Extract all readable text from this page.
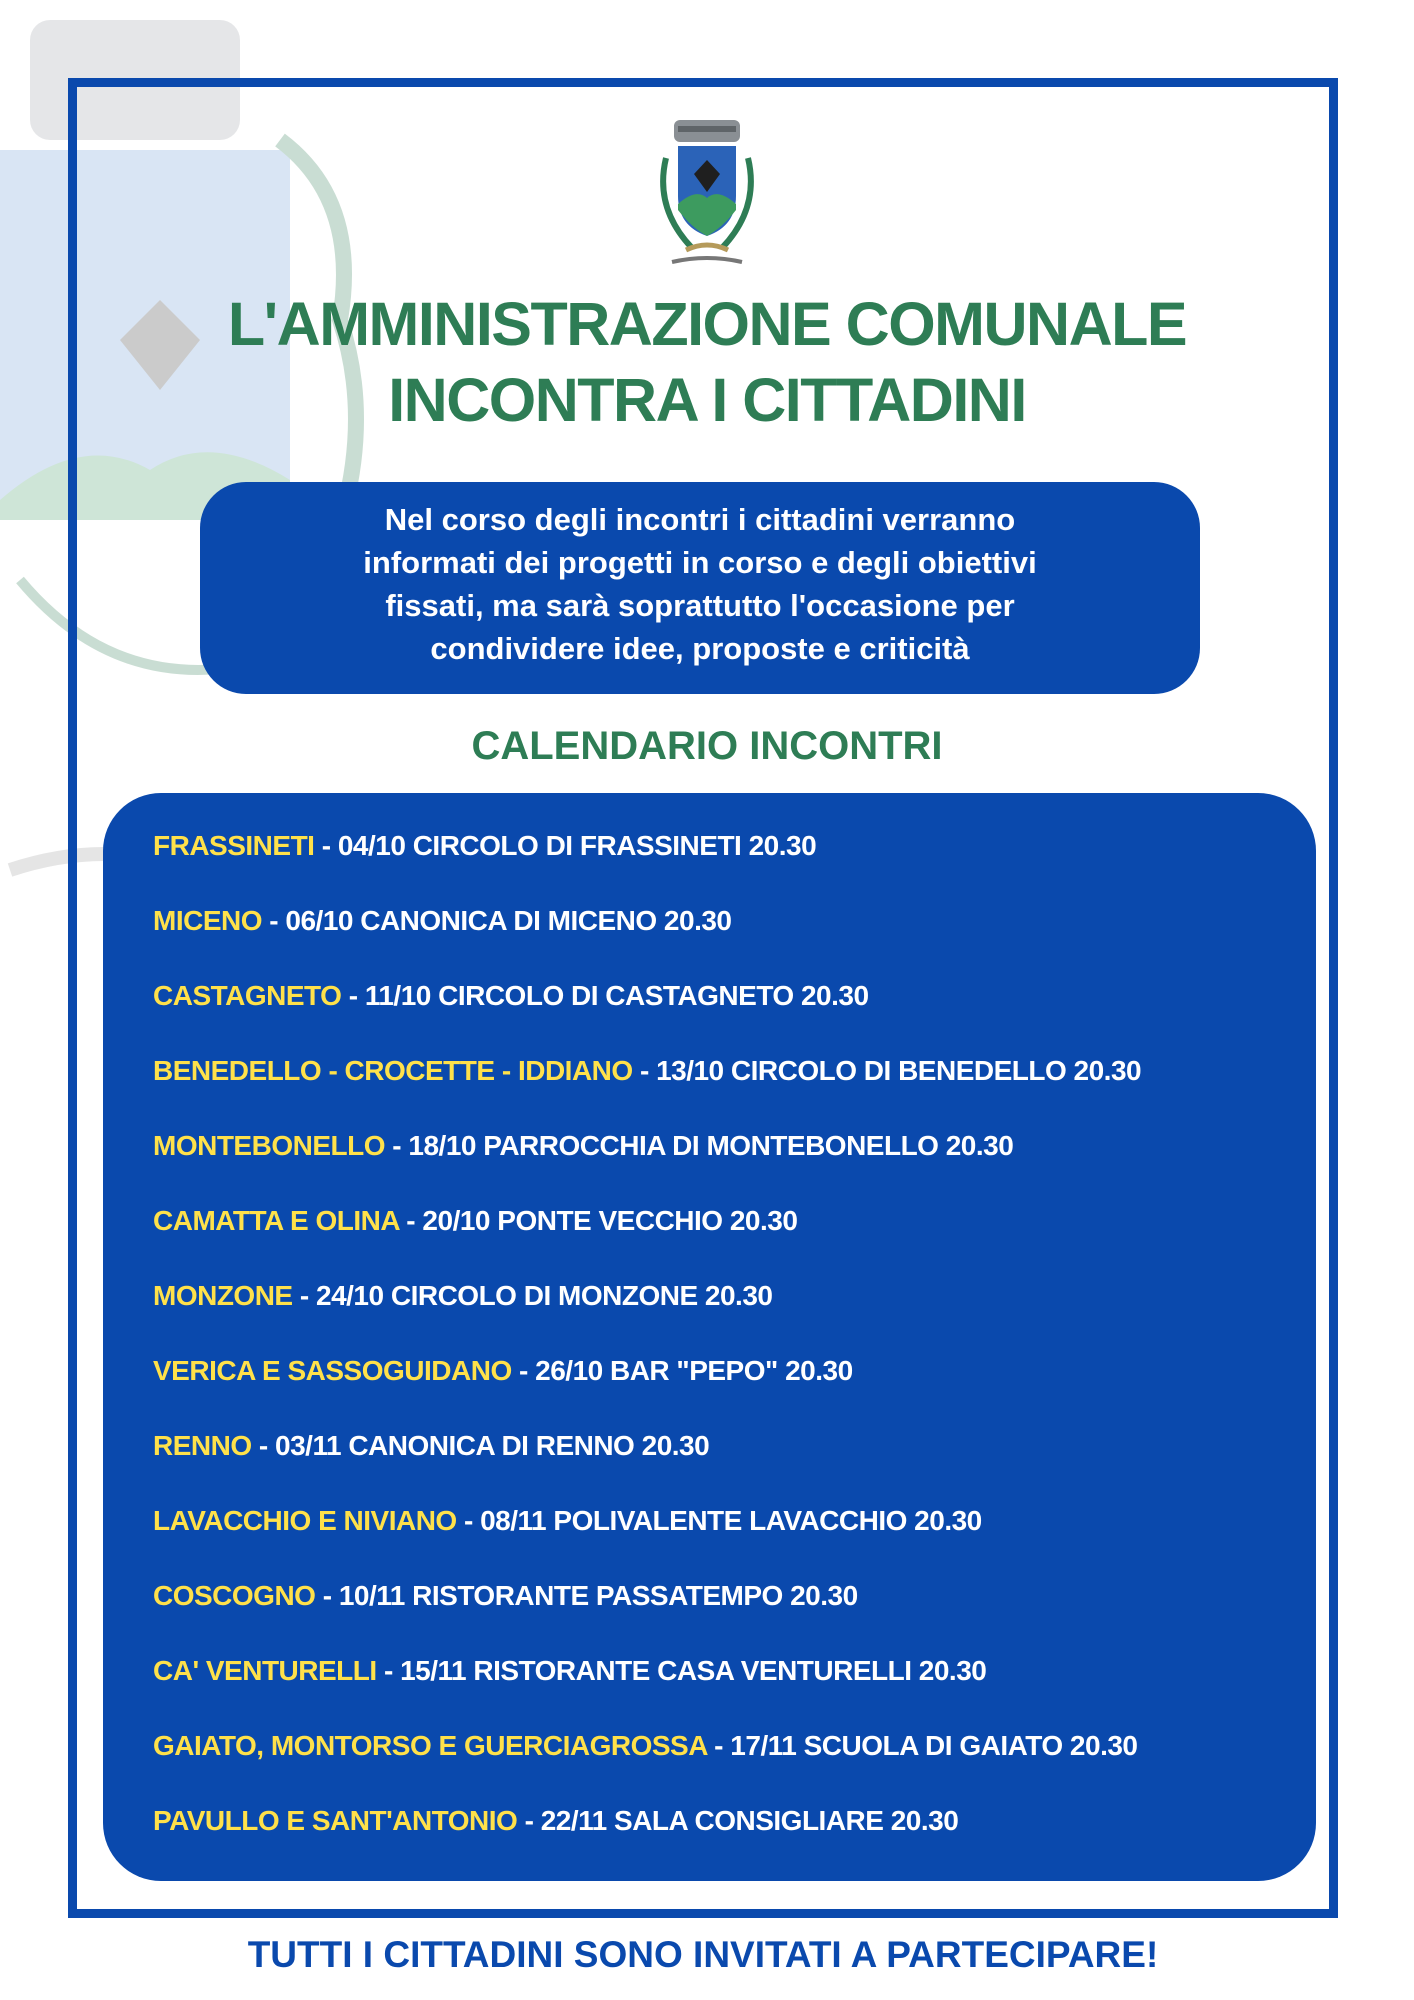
L'AMMINISTRAZIONE COMUNALE
INCONTRA I CITTADINI
Nel corso degli incontri i cittadini verranno
informati dei progetti in corso e degli obiettivi
fissati, ma sarà soprattutto l'occasione per
condividere idee, proposte e criticità
CALENDARIO INCONTRI
FRASSINETI - 04/10 CIRCOLO DI FRASSINETI 20.30
MICENO - 06/10 CANONICA DI MICENO 20.30
CASTAGNETO - 11/10 CIRCOLO DI CASTAGNETO 20.30
BENEDELLO - CROCETTE - IDDIANO - 13/10 CIRCOLO DI BENEDELLO 20.30
MONTEBONELLO - 18/10 PARROCCHIA DI MONTEBONELLO 20.30
CAMATTA E OLINA - 20/10 PONTE VECCHIO 20.30
MONZONE - 24/10 CIRCOLO DI MONZONE 20.30
VERICA E SASSOGUIDANO - 26/10 BAR "PEPO" 20.30
RENNO - 03/11 CANONICA DI RENNO 20.30
LAVACCHIO E NIVIANO - 08/11 POLIVALENTE LAVACCHIO 20.30
COSCOGNO - 10/11 RISTORANTE PASSATEMPO 20.30
CA' VENTURELLI - 15/11 RISTORANTE CASA VENTURELLI 20.30
GAIATO, MONTORSO E GUERCIAGROSSA - 17/11 SCUOLA DI GAIATO 20.30
PAVULLO E SANT'ANTONIO - 22/11 SALA CONSIGLIARE 20.30

TUTTI I CITTADINI SONO INVITATI A PARTECIPARE!
